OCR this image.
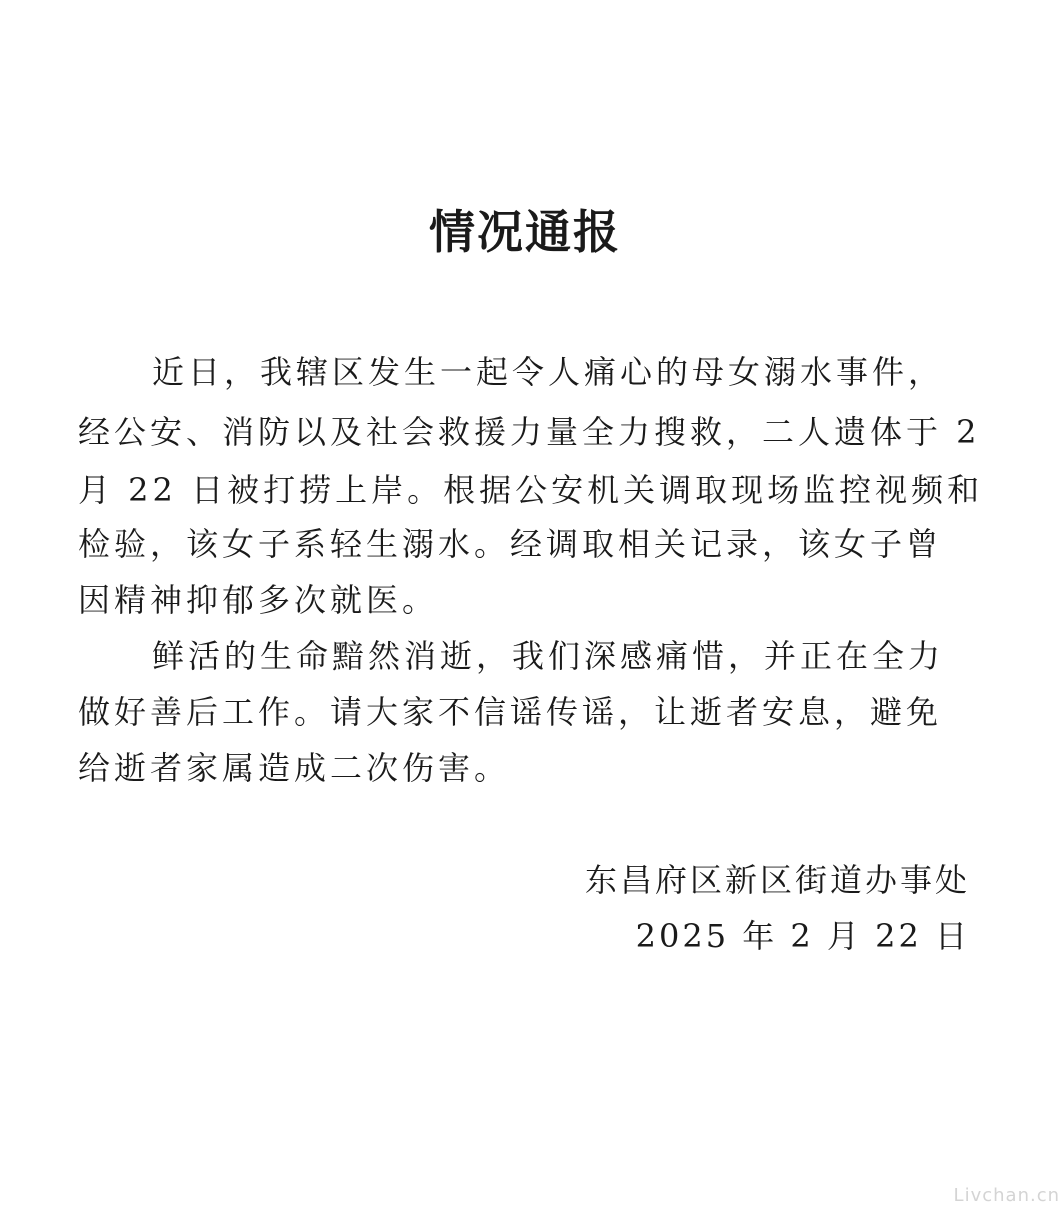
情况通报
近日，我辖区发生一起令人痛心的母女溺水事件，
经公安、消防以及社会救援力量全力搜救，二人遗体于 2
月 22 日被打捞上岸。根据公安机关调取现场监控视频和
检验，该女子系轻生溺水。经调取相关记录，该女子曾
因精神抑郁多次就医。
鲜活的生命黯然消逝，我们深感痛惜，并正在全力
做好善后工作。请大家不信谣传谣，让逝者安息，避免
给逝者家属造成二次伤害。
东昌府区新区街道办事处
2025 年 2 月 22 日
Livchan.cn
